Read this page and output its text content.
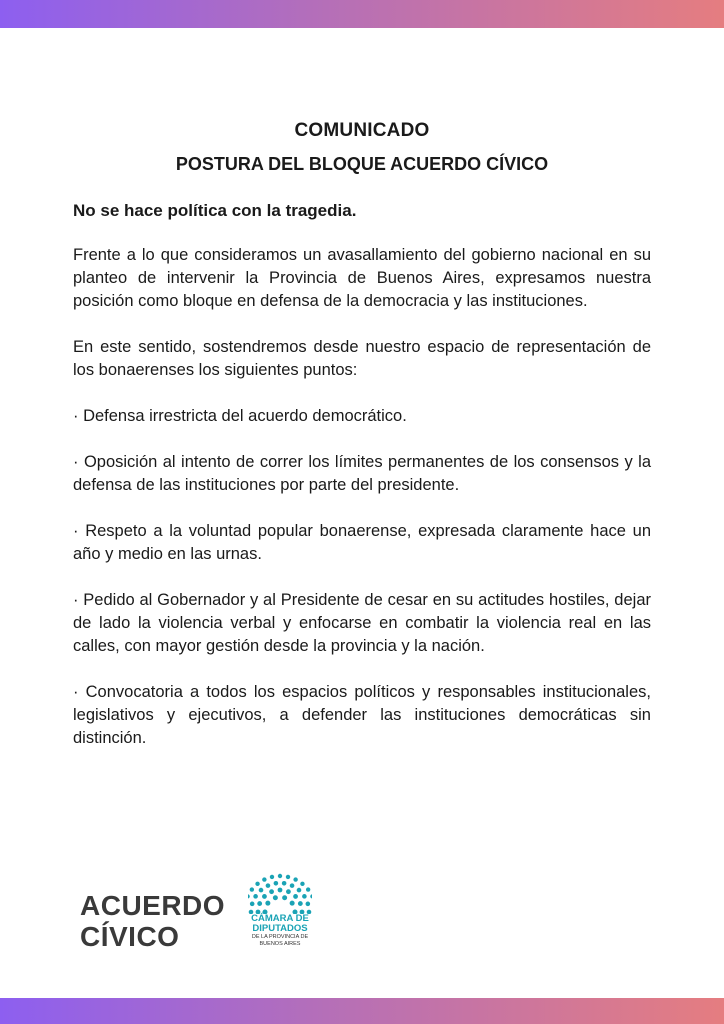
COMUNICADO
POSTURA DEL BLOQUE ACUERDO CÍVICO
No se hace política con la tragedia.

Frente a lo que consideramos un avasallamiento del gobierno nacional en su planteo de intervenir la Provincia de Buenos Aires, expresamos nuestra posición como bloque en defensa de la democracia y las instituciones.

En este sentido, sostendremos desde nuestro espacio de representación de los bonaerenses los siguientes puntos:

· Defensa irrestricta del acuerdo democrático.

· Oposición al intento de correr los límites permanentes de los consensos y la defensa de las instituciones por parte del presidente.

· Respeto a la voluntad popular bonaerense, expresada claramente hace un año y medio en las urnas.

· Pedido al Gobernador y al Presidente de cesar en su actitudes hostiles, dejar de lado la violencia verbal y enfocarse en combatir la violencia real en las calles, con mayor gestión desde la provincia y la nación.

· Convocatoria a todos los espacios políticos y responsables institucionales, legislativos y ejecutivos, a defender las instituciones democráticas sin distinción.

ACUERDO
CÍVICO
CÁMARA DE
DIPUTADOS
DE LA PROVINCIA DE
BUENOS AIRES
